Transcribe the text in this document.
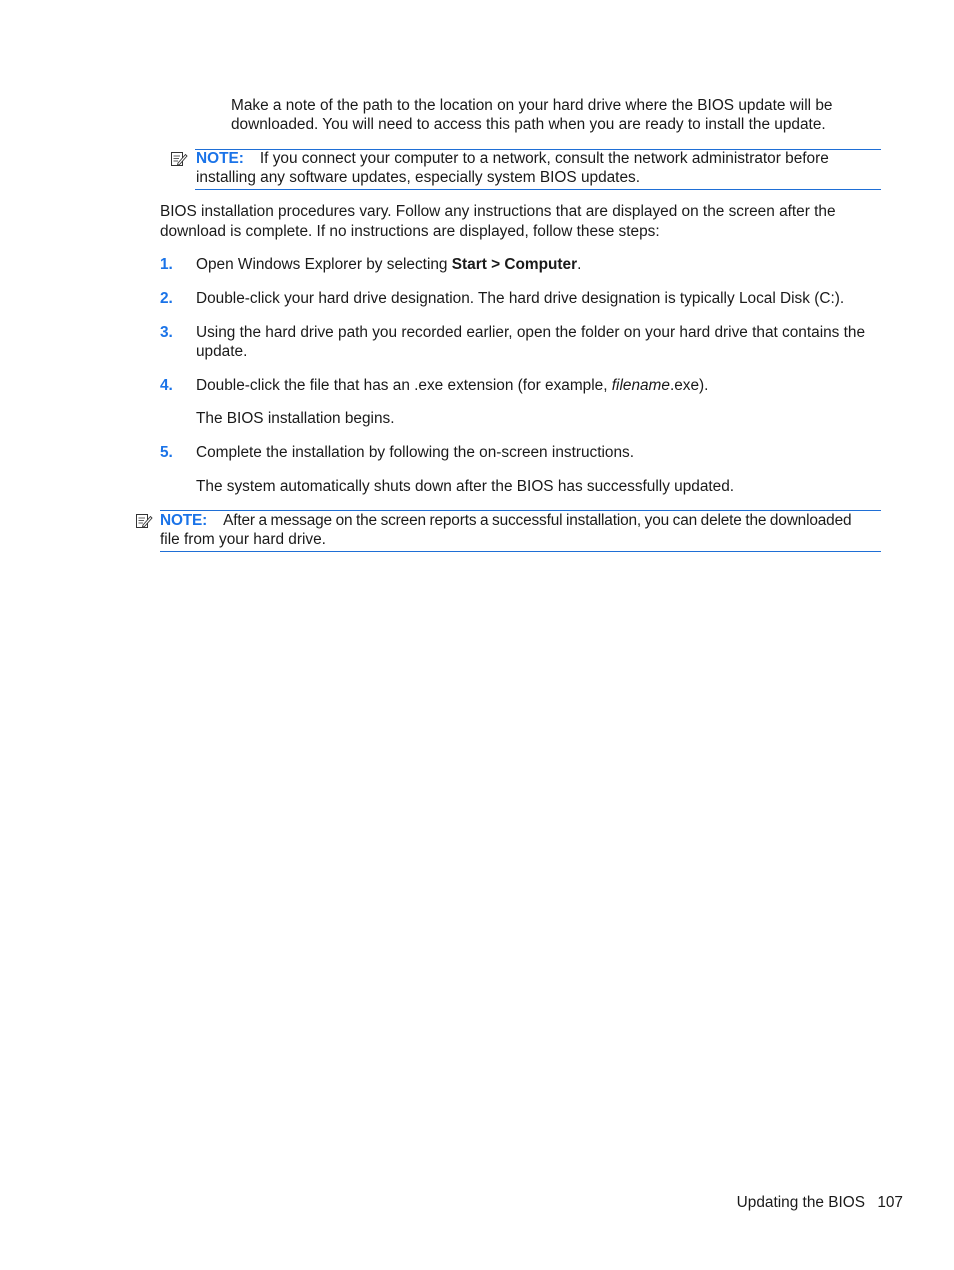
Make a note of the path to the location on your hard drive where the BIOS update will be
downloaded. You will need to access this path when you are ready to install the update.
NOTE: If you connect your computer to a network, consult the network administrator before
installing any software updates, especially system BIOS updates.
BIOS installation procedures vary. Follow any instructions that are displayed on the screen after the
download is complete. If no instructions are displayed, follow these steps:
1. Open Windows Explorer by selecting Start > Computer.
2. Double-click your hard drive designation. The hard drive designation is typically Local Disk (C:).
3. Using the hard drive path you recorded earlier, open the folder on your hard drive that contains the
update.
4. Double-click the file that has an .exe extension (for example, filename.exe).
The BIOS installation begins.
5. Complete the installation by following the on-screen instructions.
The system automatically shuts down after the BIOS has successfully updated.
NOTE: After a message on the screen reports a successful installation, you can delete the downloaded
file from your hard drive.
Updating the BIOS 107
